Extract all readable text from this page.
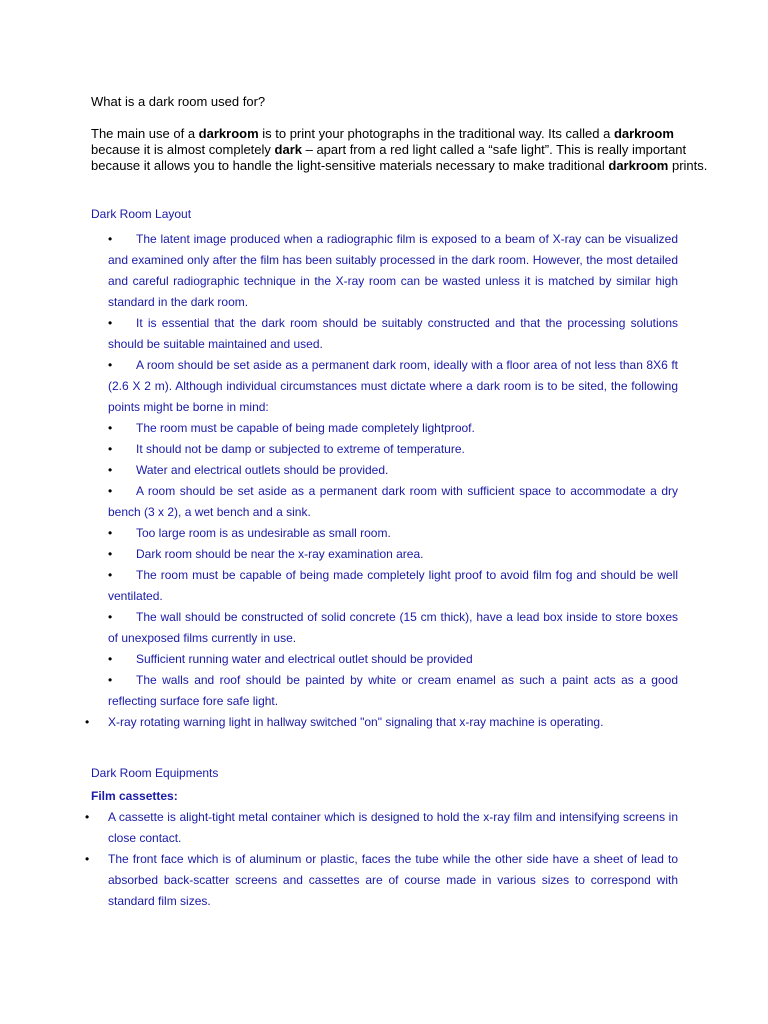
What is a dark room used for?

The main use of a darkroom is to print your photographs in the traditional way. Its called a darkroom because it is almost completely dark – apart from a red light called a “safe light”. This is really important because it allows you to handle the light-sensitive materials necessary to make traditional darkroom prints.

Dark Room Layout

• The latent image produced when a radiographic film is exposed to a beam of X-ray can be visualized and examined only after the film has been suitably processed in the dark room. However, the most detailed and careful radiographic technique in the X-ray room can be wasted unless it is matched by similar high standard in the dark room.
• It is essential that the dark room should be suitably constructed and that the processing solutions should be suitable maintained and used.
• A room should be set aside as a permanent dark room, ideally with a floor area of not less than 8X6 ft (2.6 X 2 m). Although individual circumstances must dictate where a dark room is to be sited, the following points might be borne in mind:
• The room must be capable of being made completely lightproof.
• It should not be damp or subjected to extreme of temperature.
• Water and electrical outlets should be provided.
• A room should be set aside as a permanent dark room with sufficient space to accommodate a dry bench (3 x 2), a wet bench and a sink.
• Too large room is as undesirable as small room.
• Dark room should be near the x-ray examination area.
• The room must be capable of being made completely light proof to avoid film fog and should be well ventilated.
• The wall should be constructed of solid concrete (15 cm thick), have a lead box inside to store boxes of unexposed films currently in use.
• Sufficient running water and electrical outlet should be provided
• The walls and roof should be painted by white or cream enamel as such a paint acts as a good reflecting surface fore safe light.
• X-ray rotating warning light in hallway switched "on" signaling that x-ray machine is operating.

Dark Room Equipments

Film cassettes:

• A cassette is alight-tight metal container which is designed to hold the x-ray film and intensifying screens in close contact.
• The front face which is of aluminum or plastic, faces the tube while the other side have a sheet of lead to absorbed back-scatter screens and cassettes are of course made in various sizes to correspond with standard film sizes.
